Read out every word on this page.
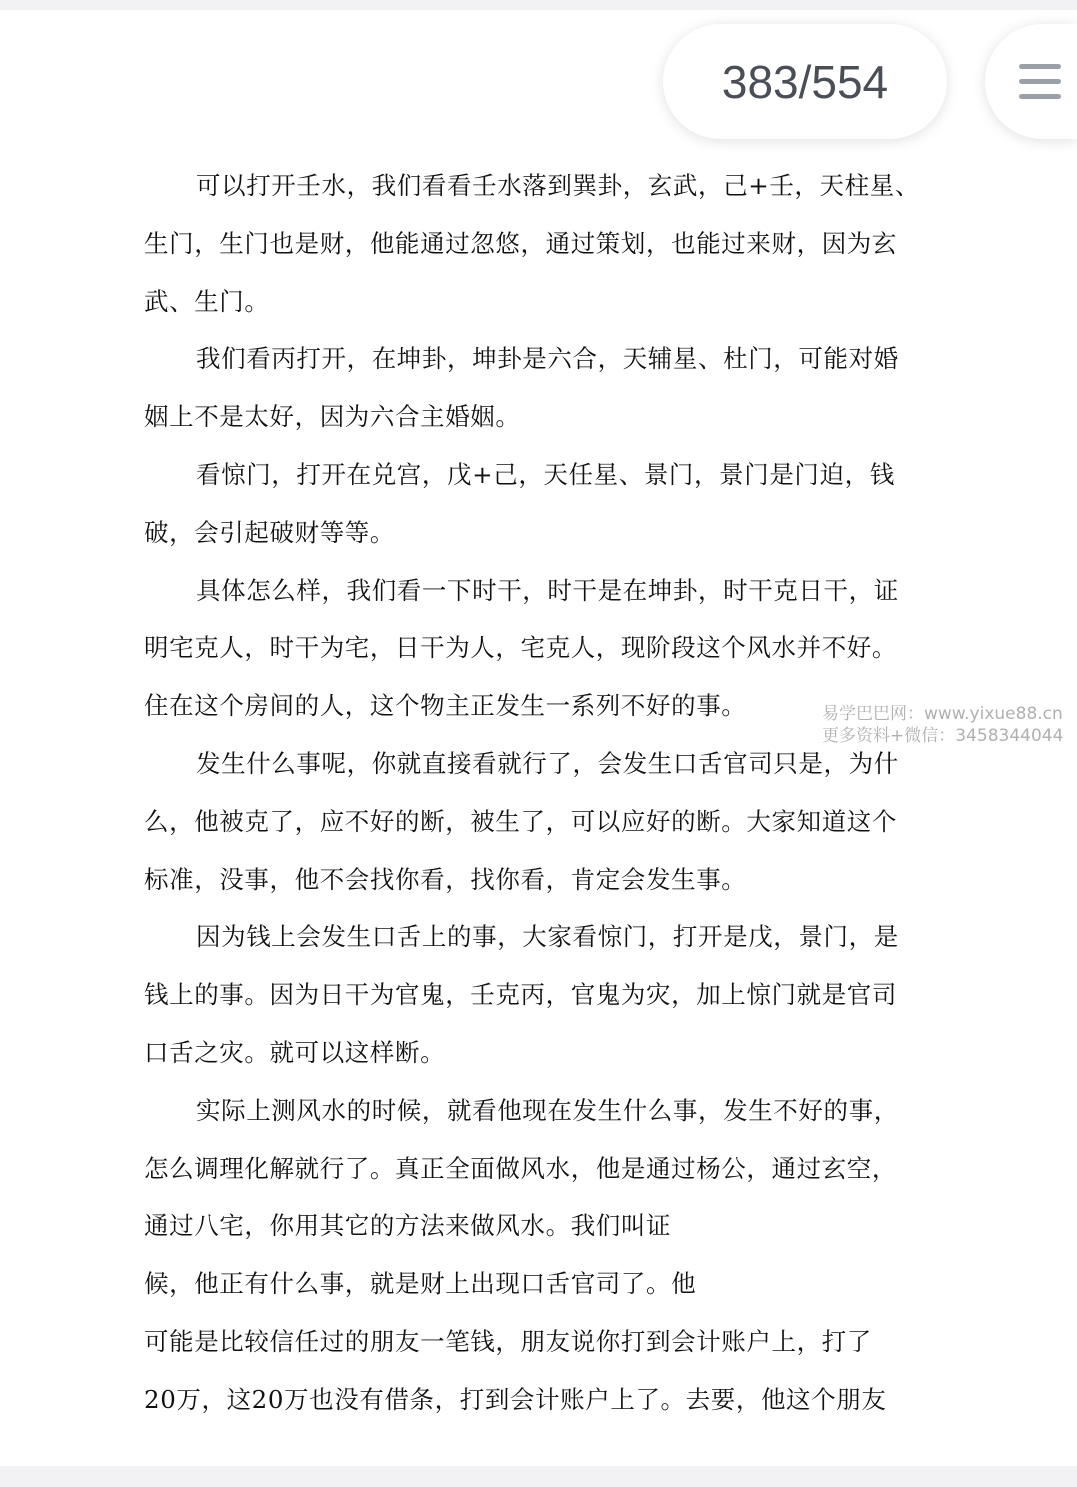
可以打开壬水，我们看看壬水落到巽卦，玄武，己+壬，天柱星、
生门，生门也是财，他能通过忽悠，通过策划，也能过来财，因为玄
武、生门。
我们看丙打开，在坤卦，坤卦是六合，天辅星、杜门，可能对婚
姻上不是太好，因为六合主婚姻。
看惊门，打开在兑宫，戊+己，天任星、景门，景门是门迫，钱
破，会引起破财等等。
具体怎么样，我们看一下时干，时干是在坤卦，时干克日干，证
明宅克人，时干为宅，日干为人，宅克人，现阶段这个风水并不好。
住在这个房间的人，这个物主正发生一系列不好的事。
发生什么事呢，你就直接看就行了，会发生口舌官司只是，为什
么，他被克了，应不好的断，被生了，可以应好的断。大家知道这个
标准，没事，他不会找你看，找你看，肯定会发生事。
因为钱上会发生口舌上的事，大家看惊门，打开是戊，景门，是
钱上的事。因为日干为官鬼，壬克丙，官鬼为灾，加上惊门就是官司
口舌之灾。就可以这样断。
实际上测风水的时候，就看他现在发生什么事，发生不好的事，
怎么调理化解就行了。真正全面做风水，他是通过杨公，通过玄空，
通过八宅，你用其它的方法来做风水。我们叫证
候，他正有什么事，就是财上出现口舌官司了。他
可能是比较信任过的朋友一笔钱，朋友说你打到会计账户上，打了
20万，这20万也没有借条，打到会计账户上了。去要，他这个朋友
易学巴巴网：www.yixue88.cn
更多资料+微信：3458344044
383/554
